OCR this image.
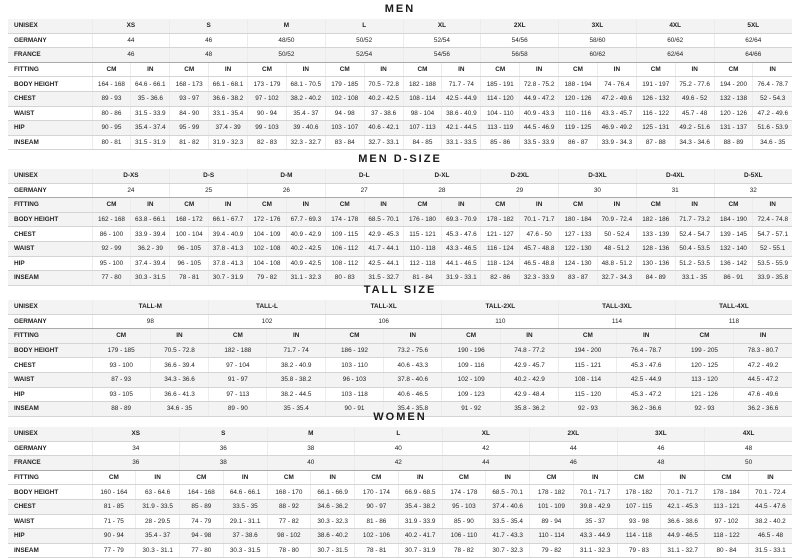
MEN
UNISEX	XS		S		M		L		XL		2XL		3XL		4XL		5XL	
GERMANY	44		46		48/50		50/52		52/54		54/56		58/60		60/62		62/64	
FRANCE	46		48		50/52		52/54		54/56		56/58		60/62		62/64		64/66	
FITTING	CM	IN	CM	IN	CM	IN	CM	IN	CM	IN	CM	IN	CM	IN	CM	IN	CM	IN
BODY HEIGHT	164 - 168	64.6 - 66.1	168 - 173	66.1 - 68.1	173 - 179	68.1 - 70.5	179 - 185	70.5 - 72.8	182 - 188	71.7 - 74	185 - 191	72.8 - 75.2	188 - 194	74 - 76.4	191 - 197	75.2 - 77.6	194 - 200	76.4 - 78.7
CHEST	89 - 93	35 - 36.6	93 - 97	36.6 - 38.2	97 - 102	38.2 - 40.2	102 - 108	40.2 - 42.5	108 - 114	42.5 - 44.9	114 - 120	44.9 - 47.2	120 - 126	47.2 - 49.6	126 - 132	49.6 - 52	132 - 138	52 - 54.3
WAIST	80 - 86	31.5 - 33.9	84 - 90	33.1 - 35.4	90 - 94	35.4 - 37	94 - 98	37 - 38.6	98 - 104	38.6 - 40.9	104 - 110	40.9 - 43.3	110 - 116	43.3 - 45.7	116 - 122	45.7 - 48	120 - 126	47.2 - 49.6
HIP	90 - 95	35.4 - 37.4	95 - 99	37.4 - 39	99 - 103	39 - 40.6	103 - 107	40.6 - 42.1	107 - 113	42.1 - 44.5	113 - 119	44.5 - 46.9	119 - 125	46.9 - 49.2	125 - 131	49.2 - 51.6	131 - 137	51.6 - 53.9
INSEAM	80 - 81	31.5 - 31.9	81 - 82	31.9 - 32.3	82 - 83	32.3 - 32.7	83 - 84	32.7 - 33.1	84 - 85	33.1 - 33.5	85 - 86	33.5 - 33.9	86 - 87	33.9 - 34.3	87 - 88	34.3 - 34.6	88 - 89	34.6 - 35
MEN D-SIZE
UNISEX	D-XS		D-S		D-M		D-L		D-XL		D-2XL		D-3XL		D-4XL		D-5XL	
GERMANY	24		25		26		27		28		29		30		31		32	
FITTING	CM	IN	CM	IN	CM	IN	CM	IN	CM	IN	CM	IN	CM	IN	CM	IN	CM	IN
BODY HEIGHT	162 - 168	63.8 - 66.1	168 - 172	66.1 - 67.7	172 - 176	67.7 - 69.3	174 - 178	68.5 - 70.1	176 - 180	69.3 - 70.9	178 - 182	70.1 - 71.7	180 - 184	70.9 - 72.4	182 - 186	71.7 - 73.2	184 - 190	72.4 - 74.8
CHEST	86 - 100	33.9 - 39.4	100 - 104	39.4 - 40.9	104 - 109	40.9 - 42.9	109 - 115	42.9 - 45.3	115 - 121	45.3 - 47.6	121 - 127	47.6 - 50	127 - 133	50 - 52.4	133 - 139	52.4 - 54.7	139 - 145	54.7 - 57.1
WAIST	92 - 99	36.2 - 39	96 - 105	37.8 - 41.3	102 - 108	40.2 - 42.5	106 - 112	41.7 - 44.1	110 - 118	43.3 - 46.5	116 - 124	45.7 - 48.8	122 - 130	48 - 51.2	128 - 136	50.4 - 53.5	132 - 140	52 - 55.1
HIP	95 - 100	37.4 - 39.4	96 - 105	37.8 - 41.3	104 - 108	40.9 - 42.5	108 - 112	42.5 - 44.1	112 - 118	44.1 - 46.5	118 - 124	46.5 - 48.8	124 - 130	48.8 - 51.2	130 - 136	51.2 - 53.5	136 - 142	53.5 - 55.9
INSEAM	77 - 80	30.3 - 31.5	78 - 81	30.7 - 31.9	79 - 82	31.1 - 32.3	80 - 83	31.5 - 32.7	81 - 84	31.9 - 33.1	82 - 86	32.3 - 33.9	83 - 87	32.7 - 34.3	84 - 89	33.1 - 35	86 - 91	33.9 - 35.8
TALL SIZE
UNISEX	TALL-M		TALL-L		TALL-XL		TALL-2XL		TALL-3XL		TALL-4XL	
GERMANY	98		102		106		110		114		118	
FITTING	CM	IN	CM	IN	CM	IN	CM	IN	CM	IN	CM	IN
BODY HEIGHT	179 - 185	70.5 - 72.8	182 - 188	71.7 - 74	186 - 192	73.2 - 75.6	190 - 196	74.8 - 77.2	194 - 200	76.4 - 78.7	199 - 205	78.3 - 80.7
CHEST	93 - 100	36.6 - 39.4	97 - 104	38.2 - 40.9	103 - 110	40.6 - 43.3	109 - 116	42.9 - 45.7	115 - 121	45.3 - 47.6	120 - 125	47.2 - 49.2
WAIST	87 - 93	34.3 - 36.6	91 - 97	35.8 - 38.2	96 - 103	37.8 - 40.6	102 - 109	40.2 - 42.9	108 - 114	42.5 - 44.9	113 - 120	44.5 - 47.2
HIP	93 - 105	36.6 - 41.3	97 - 113	38.2 - 44.5	103 - 118	40.6 - 46.5	109 - 123	42.9 - 48.4	115 - 120	45.3 - 47.2	121 - 126	47.6 - 49.6
INSEAM	88 - 89	34.6 - 35	89 - 90	35 - 35.4	90 - 91	35.4 - 35.8	91 - 92	35.8 - 36.2	92 - 93	36.2 - 36.6	92 - 93	36.2 - 36.6
WOMEN
UNISEX	XS		S		M		L		XL		2XL		3XL		4XL	
GERMANY	34		36		38		40		42		44		46		48	
FRANCE	36		38		40		42		44		46		48		50	
FITTING	CM	IN	CM	IN	CM	IN	CM	IN	CM	IN	CM	IN	CM	IN	CM	IN
BODY HEIGHT	160 - 164	63 - 64.6	164 - 168	64.6 - 66.1	168 - 170	66.1 - 66.9	170 - 174	66.9 - 68.5	174 - 178	68.5 - 70.1	178 - 182	70.1 - 71.7	178 - 182	70.1 - 71.7	178 - 184	70.1 - 72.4
CHEST	81 - 85	31.9 - 33.5	85 - 89	33.5 - 35	88 - 92	34.6 - 36.2	90 - 97	35.4 - 38.2	95 - 103	37.4 - 40.6	101 - 109	39.8 - 42.9	107 - 115	42.1 - 45.3	113 - 121	44.5 - 47.6
WAIST	71 - 75	28 - 29.5	74 - 79	29.1 - 31.1	77 - 82	30.3 - 32.3	81 - 86	31.9 - 33.9	85 - 90	33.5 - 35.4	89 - 94	35 - 37	93 - 98	36.6 - 38.6	97 - 102	38.2 - 40.2
HIP	90 - 94	35.4 - 37	94 - 98	37 - 38.6	98 - 102	38.6 - 40.2	102 - 106	40.2 - 41.7	106 - 110	41.7 - 43.3	110 - 114	43.3 - 44.9	114 - 118	44.9 - 46.5	118 - 122	46.5 - 48
INSEAM	77 - 79	30.3 - 31.1	77 - 80	30.3 - 31.5	78 - 80	30.7 - 31.5	78 - 81	30.7 - 31.9	78 - 82	30.7 - 32.3	79 - 82	31.1 - 32.3	79 - 83	31.1 - 32.7	80 - 84	31.5 - 33.1
